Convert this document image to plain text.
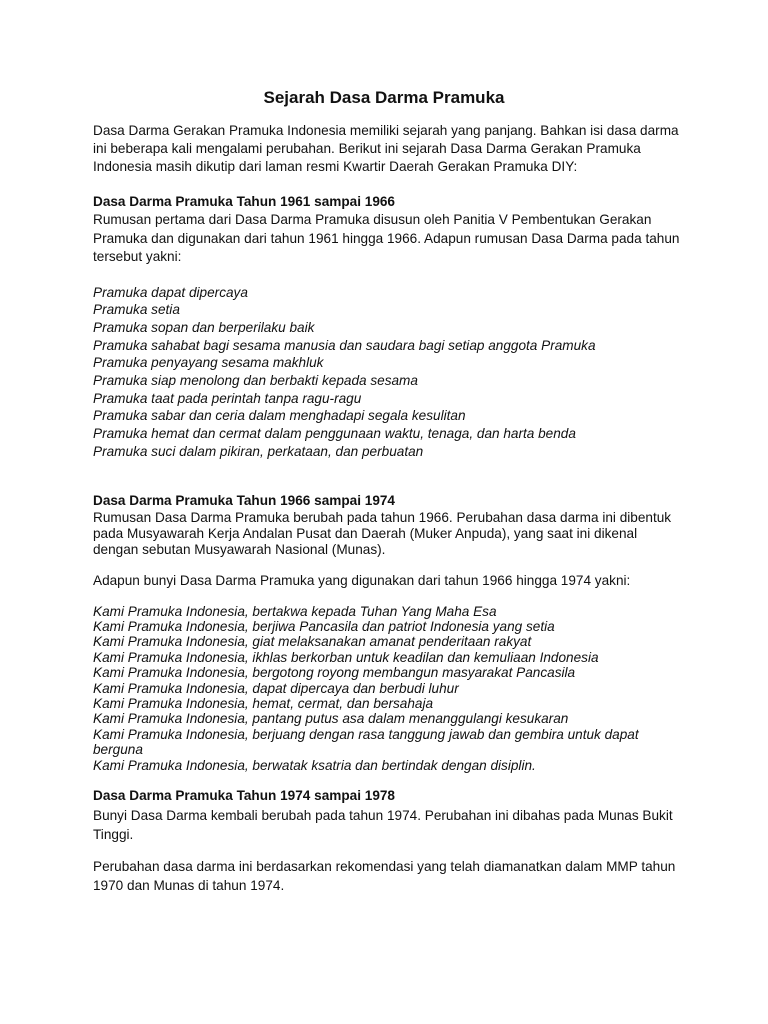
Sejarah Dasa Darma Pramuka

Dasa Darma Gerakan Pramuka Indonesia memiliki sejarah yang panjang. Bahkan isi dasa darma ini beberapa kali mengalami perubahan. Berikut ini sejarah Dasa Darma Gerakan Pramuka Indonesia masih dikutip dari laman resmi Kwartir Daerah Gerakan Pramuka DIY:

Dasa Darma Pramuka Tahun 1961 sampai 1966

Rumusan pertama dari Dasa Darma Pramuka disusun oleh Panitia V Pembentukan Gerakan Pramuka dan digunakan dari tahun 1961 hingga 1966. Adapun rumusan Dasa Darma pada tahun tersebut yakni:

Pramuka dapat dipercaya
Pramuka setia
Pramuka sopan dan berperilaku baik
Pramuka sahabat bagi sesama manusia dan saudara bagi setiap anggota Pramuka
Pramuka penyayang sesama makhluk
Pramuka siap menolong dan berbakti kepada sesama
Pramuka taat pada perintah tanpa ragu-ragu
Pramuka sabar dan ceria dalam menghadapi segala kesulitan
Pramuka hemat dan cermat dalam penggunaan waktu, tenaga, dan harta benda
Pramuka suci dalam pikiran, perkataan, dan perbuatan

Dasa Darma Pramuka Tahun 1966 sampai 1974

Rumusan Dasa Darma Pramuka berubah pada tahun 1966. Perubahan dasa darma ini dibentuk pada Musyawarah Kerja Andalan Pusat dan Daerah (Muker Anpuda), yang saat ini dikenal dengan sebutan Musyawarah Nasional (Munas).

Adapun bunyi Dasa Darma Pramuka yang digunakan dari tahun 1966 hingga 1974 yakni:

Kami Pramuka Indonesia, bertakwa kepada Tuhan Yang Maha Esa
Kami Pramuka Indonesia, berjiwa Pancasila dan patriot Indonesia yang setia
Kami Pramuka Indonesia, giat melaksanakan amanat penderitaan rakyat
Kami Pramuka Indonesia, ikhlas berkorban untuk keadilan dan kemuliaan Indonesia
Kami Pramuka Indonesia, bergotong royong membangun masyarakat Pancasila
Kami Pramuka Indonesia, dapat dipercaya dan berbudi luhur
Kami Pramuka Indonesia, hemat, cermat, dan bersahaja
Kami Pramuka Indonesia, pantang putus asa dalam menanggulangi kesukaran
Kami Pramuka Indonesia, berjuang dengan rasa tanggung jawab dan gembira untuk dapat berguna
Kami Pramuka Indonesia, berwatak ksatria dan bertindak dengan disiplin.

Dasa Darma Pramuka Tahun 1974 sampai 1978

Bunyi Dasa Darma kembali berubah pada tahun 1974. Perubahan ini dibahas pada Munas Bukit Tinggi.

Perubahan dasa darma ini berdasarkan rekomendasi yang telah diamanatkan dalam MMP tahun 1970 dan Munas di tahun 1974.
